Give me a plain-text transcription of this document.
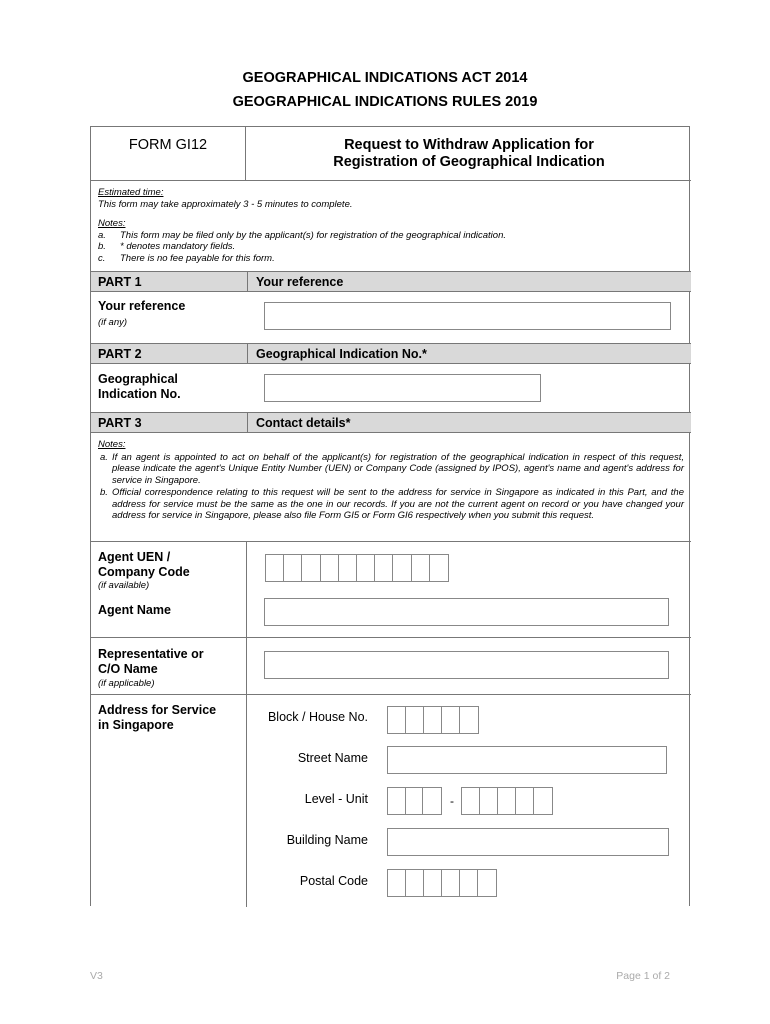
GEOGRAPHICAL INDICATIONS ACT 2014
GEOGRAPHICAL INDICATIONS RULES 2019
FORM GI12	Request to Withdraw Application for
Registration of Geographical Indication
Estimated time:
This form may take approximately 3 - 5 minutes to complete.
Notes:
a.	This form may be filed only by the applicant(s) for registration of the geographical indication.
b.	* denotes mandatory fields.
c.	There is no fee payable for this form.
PART 1	Your reference
Your reference
(if any)
PART 2	Geographical Indication No.*
Geographical
Indication No.
PART 3	Contact details*
Notes:
a. If an agent is appointed to act on behalf of the applicant(s) for registration of the geographical indication in respect of this request, please indicate the agent's Unique Entity Number (UEN) or Company Code (assigned by IPOS), agent's name and agent's address for service in Singapore.
b. Official correspondence relating to this request will be sent to the address for service in Singapore as indicated in this Part, and the address for service must be the same as the one in our records. If you are not the current agent on record or you have changed your address for service in Singapore, please also file Form GI5 or Form GI6 respectively when you submit this request.
Agent UEN /
Company Code
(if available)
Agent Name
Representative or
C/O Name
(if applicable)
Address for Service
in Singapore
Block / House No.
Street Name
Level - Unit	-
Building Name
Postal Code
V3	Page 1 of 2
